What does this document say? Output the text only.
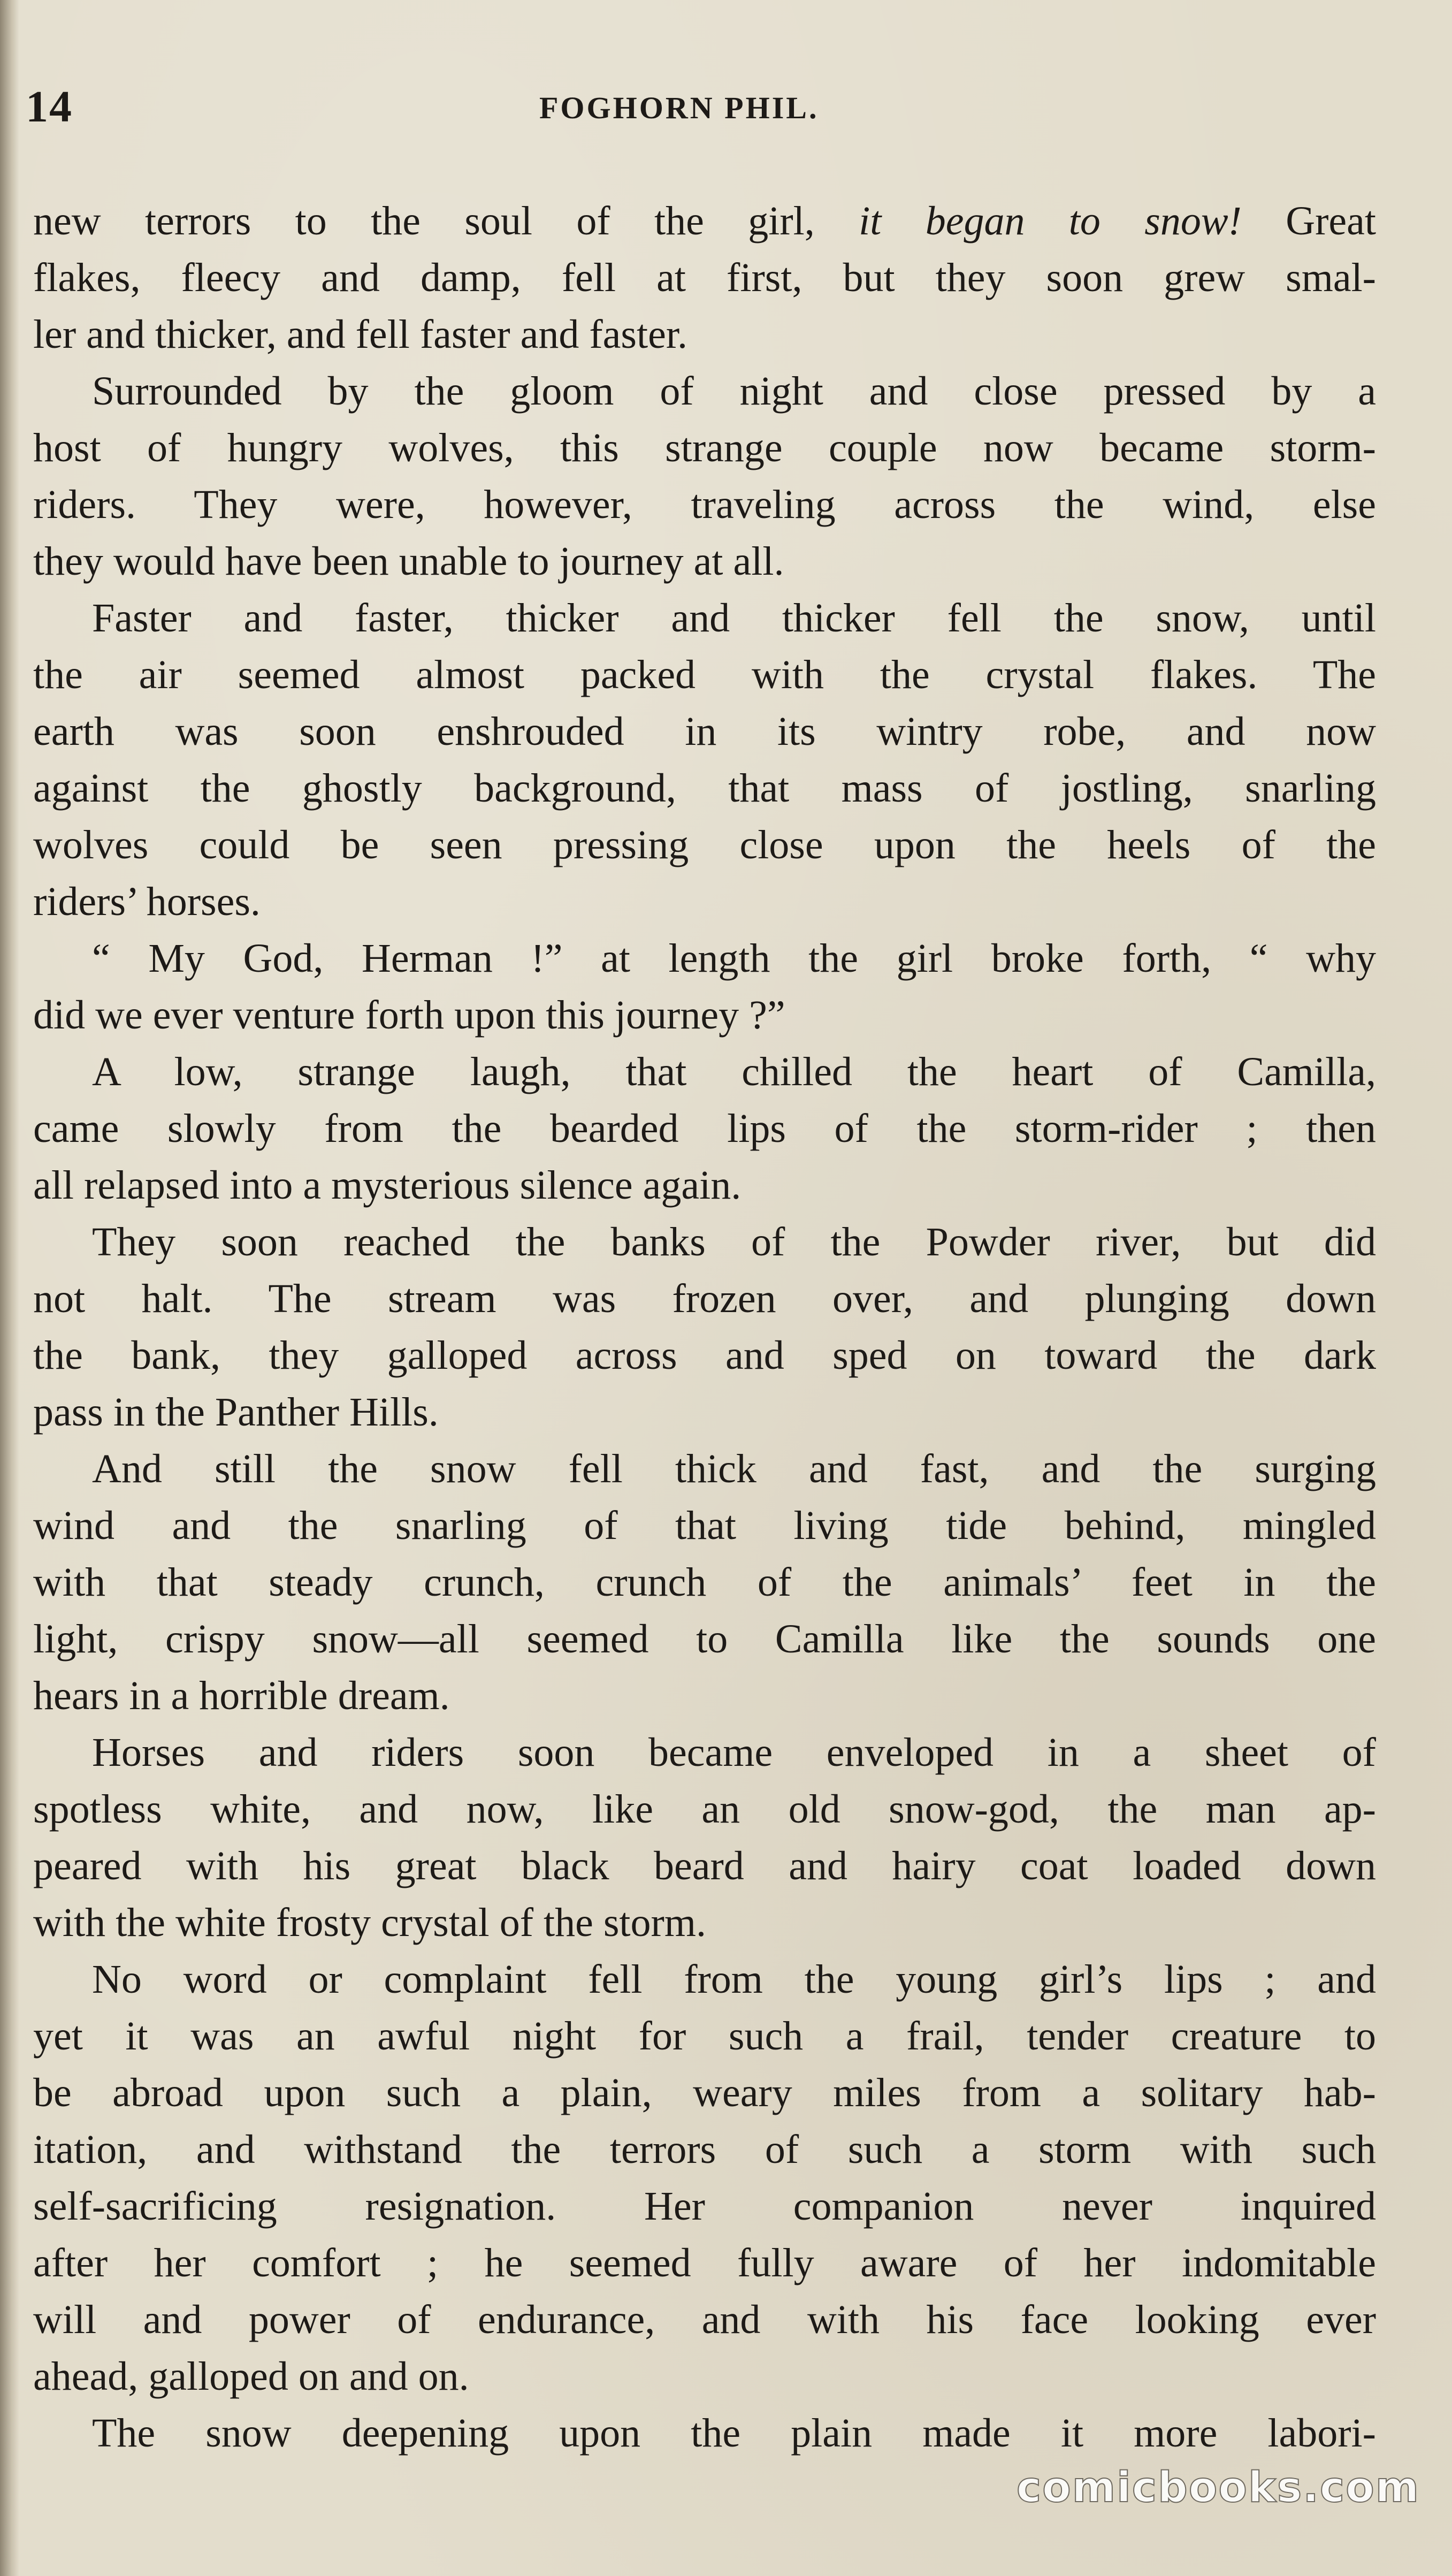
14	FOGHORN PHIL.
new terrors to the soul of the girl, it began to snow! Great
flakes, fleecy and damp, fell at first, but they soon grew smal-
ler and thicker, and fell faster and faster.
Surrounded by the gloom of night and close pressed by a
host of hungry wolves, this strange couple now became storm-
riders. They were, however, traveling across the wind, else
they would have been unable to journey at all.
Faster and faster, thicker and thicker fell the snow, until
the air seemed almost packed with the crystal flakes. The
earth was soon enshrouded in its wintry robe, and now
against the ghostly background, that mass of jostling, snarling
wolves could be seen pressing close upon the heels of the
riders’ horses.
“ My God, Herman !” at length the girl broke forth, “ why
did we ever venture forth upon this journey ?”
A low, strange laugh, that chilled the heart of Camilla,
came slowly from the bearded lips of the storm-rider ; then
all relapsed into a mysterious silence again.
They soon reached the banks of the Powder river, but did
not halt. The stream was frozen over, and plunging down
the bank, they galloped across and sped on toward the dark
pass in the Panther Hills.
And still the snow fell thick and fast, and the surging
wind and the snarling of that living tide behind, mingled
with that steady crunch, crunch of the animals’ feet in the
light, crispy snow—all seemed to Camilla like the sounds one
hears in a horrible dream.
Horses and riders soon became enveloped in a sheet of
spotless white, and now, like an old snow-god, the man ap-
peared with his great black beard and hairy coat loaded down
with the white frosty crystal of the storm.
No word or complaint fell from the young girl’s lips ; and
yet it was an awful night for such a frail, tender creature to
be abroad upon such a plain, weary miles from a solitary hab-
itation, and withstand the terrors of such a storm with such
self-sacrificing resignation. Her companion never inquired
after her comfort ; he seemed fully aware of her indomitable
will and power of endurance, and with his face looking ever
ahead, galloped on and on.
The snow deepening upon the plain made it more labori-
comicbooks.com
